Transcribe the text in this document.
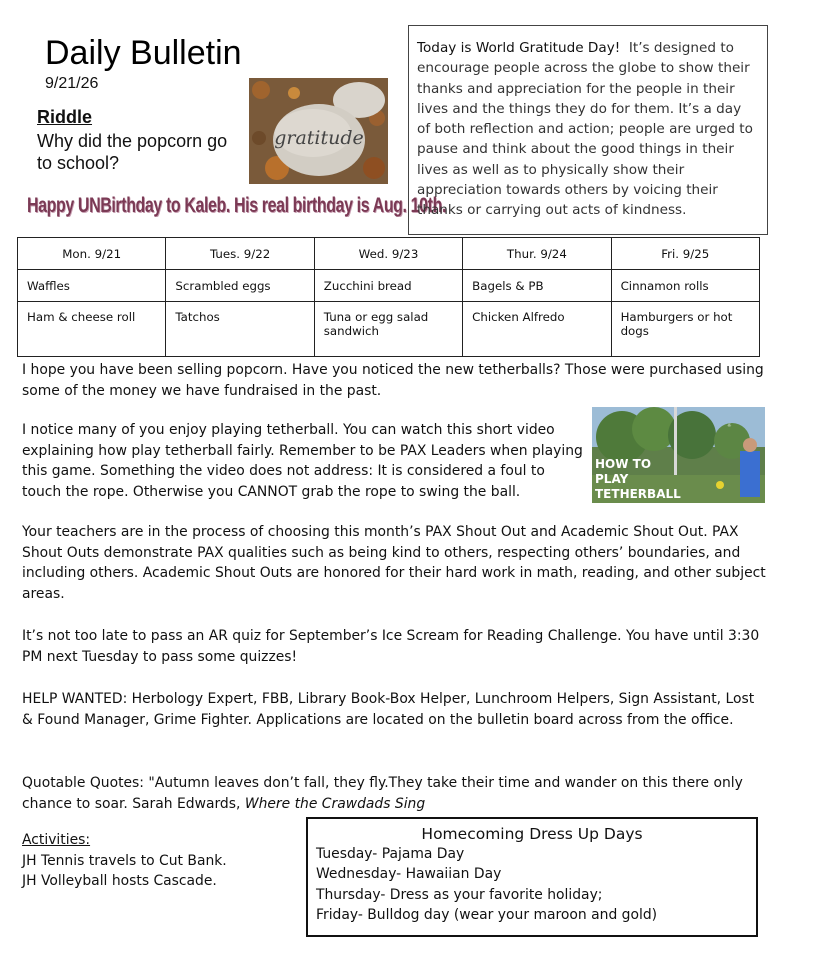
Daily Bulletin
9/21/26
Riddle
Why did the popcorn go to school?
gratitude
Happy UNBirthday to Kaleb. His real birthday is Aug. 10th.
Today is World Gratitude Day! It’s designed to encourage people across the globe to show their thanks and appreciation for the people in their lives and the things they do for them. It’s a day of both reflection and action; people are urged to pause and think about the good things in their lives as well as to physically show their appreciation towards others by voicing their thanks or carrying out acts of kindness.
Mon. 9/21	Tues. 9/22	Wed. 9/23	Thur. 9/24	Fri. 9/25
Waffles	Scrambled eggs	Zucchini bread	Bagels & PB	Cinnamon rolls
Ham & cheese roll	Tatchos	Tuna or egg salad sandwich	Chicken Alfredo	Hamburgers or hot dogs
I hope you have been selling popcorn. Have you noticed the new tetherballs? Those were purchased using some of the money we have fundraised in the past.
I notice many of you enjoy playing tetherball. You can watch this short video explaining how play tetherball fairly. Remember to be PAX Leaders when playing this game. Something the video does not address: It is considered a foul to touch the rope. Otherwise you CANNOT grab the rope to swing the ball.
☼
HOW TO
PLAY
TETHERBALL
Your teachers are in the process of choosing this month’s PAX Shout Out and Academic Shout Out. PAX Shout Outs demonstrate PAX qualities such as being kind to others, respecting others’ boundaries, and including others. Academic Shout Outs are honored for their hard work in math, reading, and other subject areas.
It’s not too late to pass an AR quiz for September’s Ice Scream for Reading Challenge. You have until 3:30 PM next Tuesday to pass some quizzes!
HELP WANTED: Herbology Expert, FBB, Library Book-Box Helper, Lunchroom Helpers, Sign Assistant, Lost & Found Manager, Grime Fighter. Applications are located on the bulletin board across from the office.
Quotable Quotes: "Autumn leaves don’t fall, they fly.They take their time and wander on this there only chance to soar. Sarah Edwards, Where the Crawdads Sing
Activities:
JH Tennis travels to Cut Bank.
JH Volleyball hosts Cascade.
Homecoming Dress Up Days
Tuesday- Pajama Day
Wednesday- Hawaiian Day
Thursday- Dress as your favorite holiday;
Friday- Bulldog day (wear your maroon and gold)
